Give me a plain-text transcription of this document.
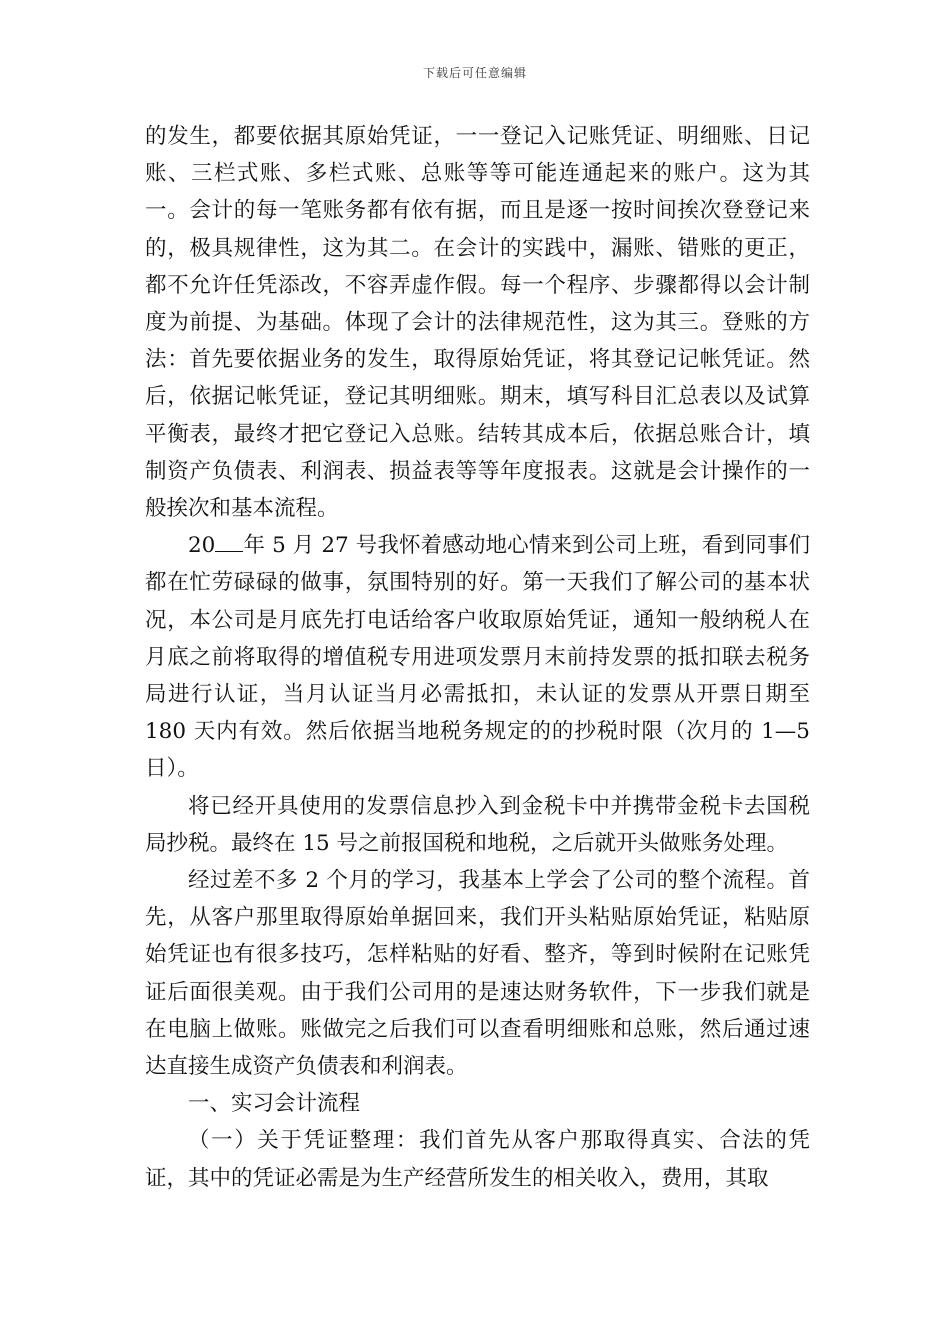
下载后可任意编辑

的发生，都要依据其原始凭证，一一登记入记账凭证、明细账、日记账、三栏式账、多栏式账、总账等等可能连通起来的账户。这为其一。会计的每一笔账务都有依有据，而且是逐一按时间挨次登登记来的，极具规律性，这为其二。在会计的实践中，漏账、错账的更正，都不允许任凭添改，不容弄虚作假。每一个程序、步骤都得以会计制度为前提、为基础。体现了会计的法律规范性，这为其三。登账的方法：首先要依据业务的发生，取得原始凭证，将其登记记帐凭证。然后，依据记帐凭证，登记其明细账。期末，填写科目汇总表以及试算平衡表，最终才把它登记入总账。结转其成本后，依据总账合计，填制资产负债表、利润表、损益表等等年度报表。这就是会计操作的一般挨次和基本流程。

20 年 5 月 27 号我怀着感动地心情来到公司上班，看到同事们都在忙劳碌碌的做事，氛围特别的好。第一天我们了解公司的基本状况，本公司是月底先打电话给客户收取原始凭证，通知一般纳税人在月底之前将取得的增值税专用进项发票月末前持发票的抵扣联去税务局进行认证，当月认证当月必需抵扣，未认证的发票从开票日期至 180 天内有效。然后依据当地税务规定的的抄税时限（次月的 1—5 日）。

将已经开具使用的发票信息抄入到金税卡中并携带金税卡去国税局抄税。最终在 15 号之前报国税和地税，之后就开头做账务处理。

经过差不多 2 个月的学习，我基本上学会了公司的整个流程。首先，从客户那里取得原始单据回来，我们开头粘贴原始凭证，粘贴原始凭证也有很多技巧，怎样粘贴的好看、整齐，等到时候附在记账凭证后面很美观。由于我们公司用的是速达财务软件，下一步我们就是在电脑上做账。账做完之后我们可以查看明细账和总账，然后通过速达直接生成资产负债表和利润表。

一、实习会计流程

（一）关于凭证整理：我们首先从客户那取得真实、合法的凭证，其中的凭证必需是为生产经营所发生的相关收入，费用，其取
